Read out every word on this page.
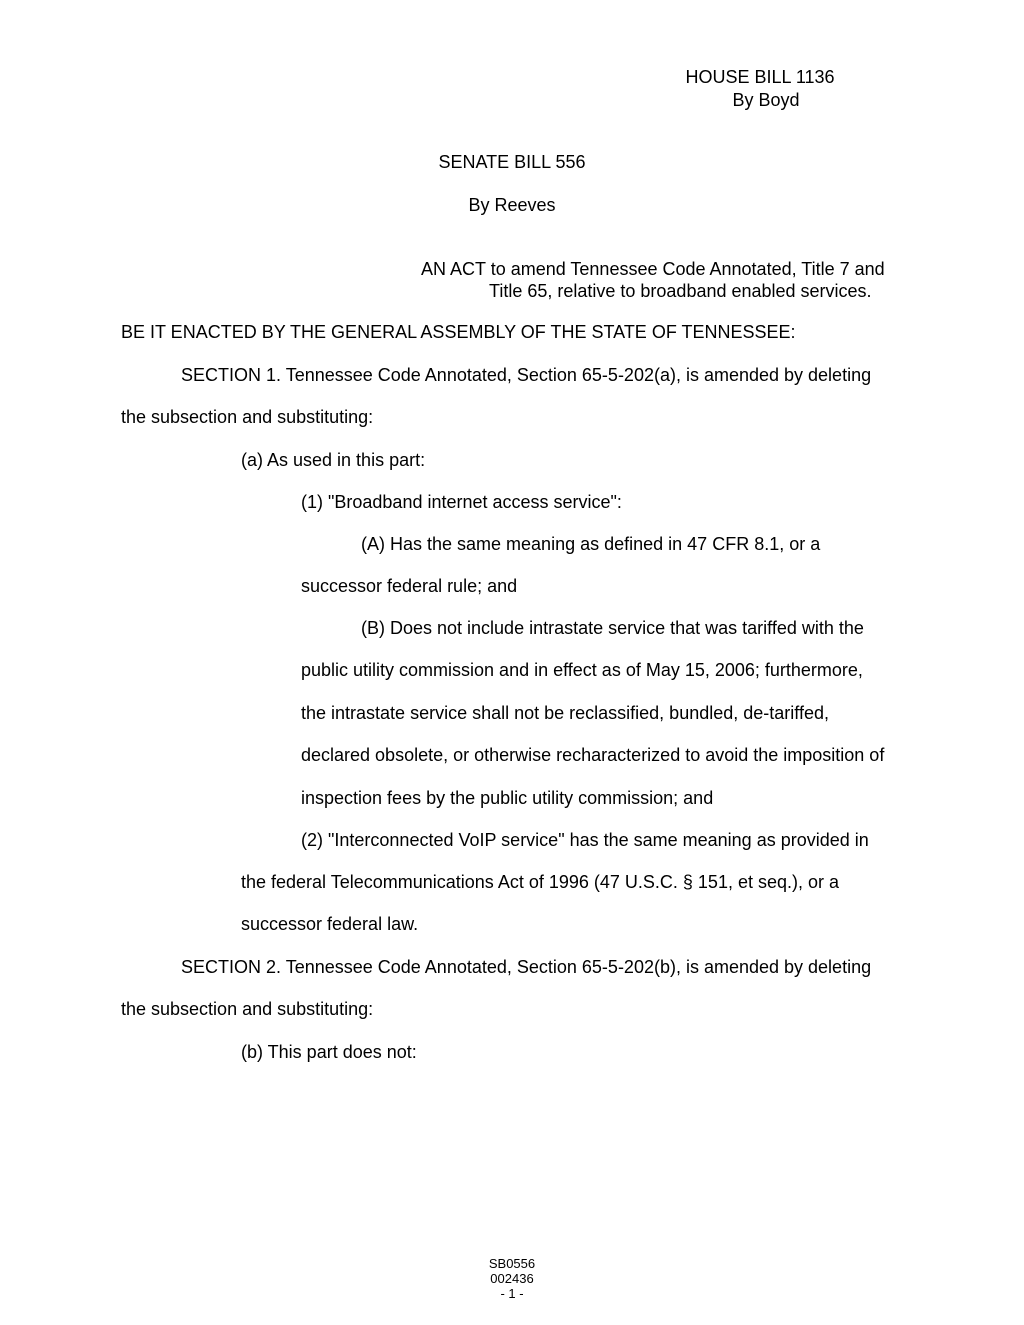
HOUSE BILL 1136
By Boyd
SENATE BILL 556
By Reeves
AN ACT to amend Tennessee Code Annotated, Title 7 and
Title 65, relative to broadband enabled services.
BE IT ENACTED BY THE GENERAL ASSEMBLY OF THE STATE OF TENNESSEE:
SECTION 1. Tennessee Code Annotated, Section 65-5-202(a), is amended by deleting
the subsection and substituting:
(a) As used in this part:
(1) "Broadband internet access service":
(A) Has the same meaning as defined in 47 CFR 8.1, or a
successor federal rule; and
(B) Does not include intrastate service that was tariffed with the
public utility commission and in effect as of May 15, 2006; furthermore,
the intrastate service shall not be reclassified, bundled, de-tariffed,
declared obsolete, or otherwise recharacterized to avoid the imposition of
inspection fees by the public utility commission; and
(2) "Interconnected VoIP service" has the same meaning as provided in
the federal Telecommunications Act of 1996 (47 U.S.C. § 151, et seq.), or a
successor federal law.
SECTION 2. Tennessee Code Annotated, Section 65-5-202(b), is amended by deleting
the subsection and substituting:
(b) This part does not:
SB0556
002436
- 1 -
